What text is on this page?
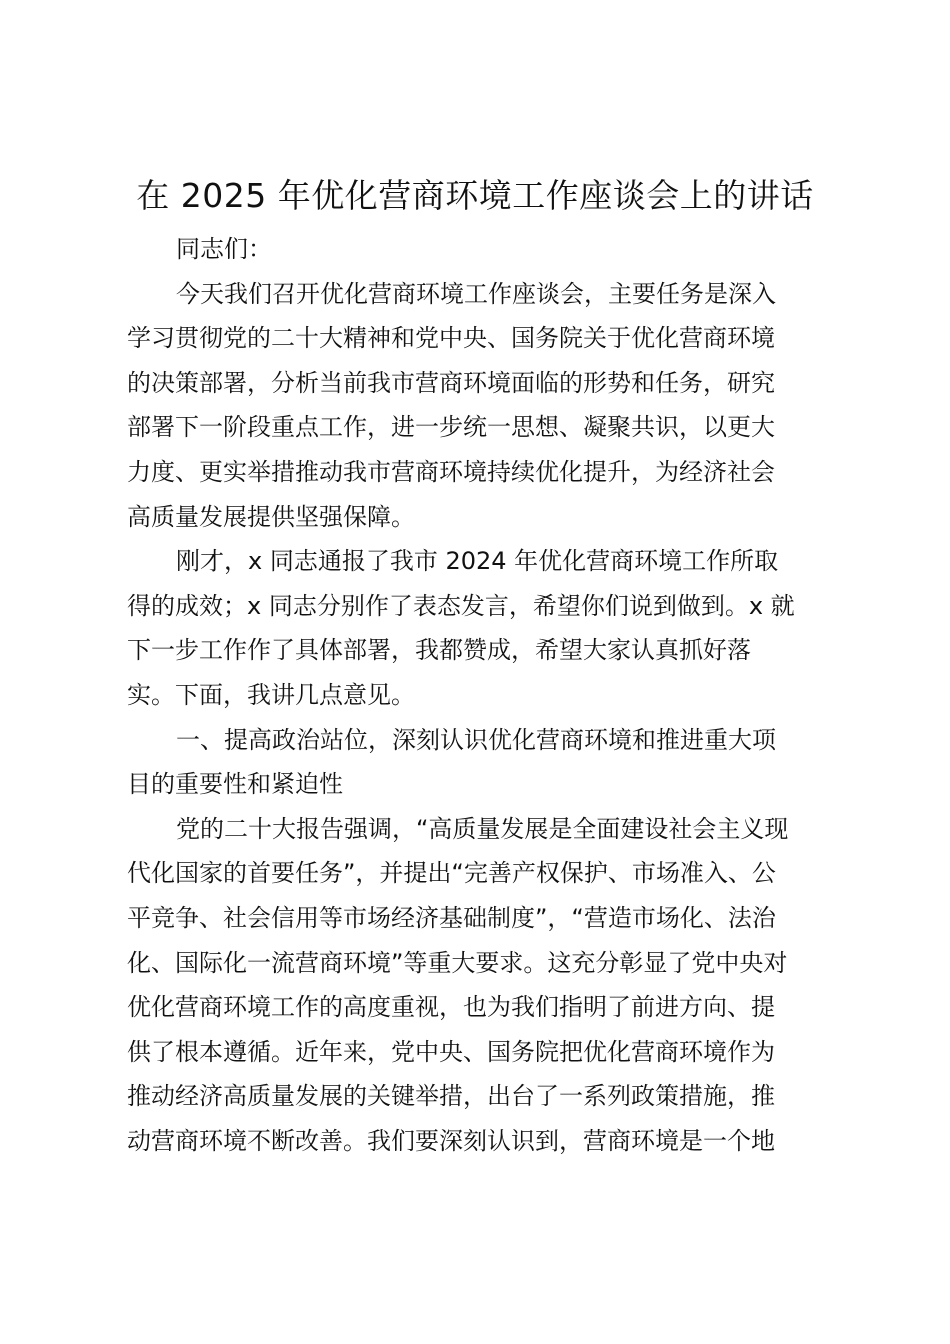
在 2025 年优化营商环境工作座谈会上的讲话
同志们：
今天我们召开优化营商环境工作座谈会，主要任务是深入
学习贯彻党的二十大精神和党中央、国务院关于优化营商环境
的决策部署，分析当前我市营商环境面临的形势和任务，研究
部署下一阶段重点工作，进一步统一思想、凝聚共识，以更大
力度、更实举措推动我市营商环境持续优化提升，为经济社会
高质量发展提供坚强保障。
刚才，x 同志通报了我市 2024 年优化营商环境工作所取
得的成效；x 同志分别作了表态发言，希望你们说到做到。x 就
下一步工作作了具体部署，我都赞成，希望大家认真抓好落
实。下面，我讲几点意见。
一、提高政治站位，深刻认识优化营商环境和推进重大项
目的重要性和紧迫性
党的二十大报告强调，“高质量发展是全面建设社会主义现
代化国家的首要任务”，并提出“完善产权保护、市场准入、公
平竞争、社会信用等市场经济基础制度”，“营造市场化、法治
化、国际化一流营商环境”等重大要求。这充分彰显了党中央对
优化营商环境工作的高度重视，也为我们指明了前进方向、提
供了根本遵循。近年来，党中央、国务院把优化营商环境作为
推动经济高质量发展的关键举措，出台了一系列政策措施，推
动营商环境不断改善。我们要深刻认识到，营商环境是一个地
